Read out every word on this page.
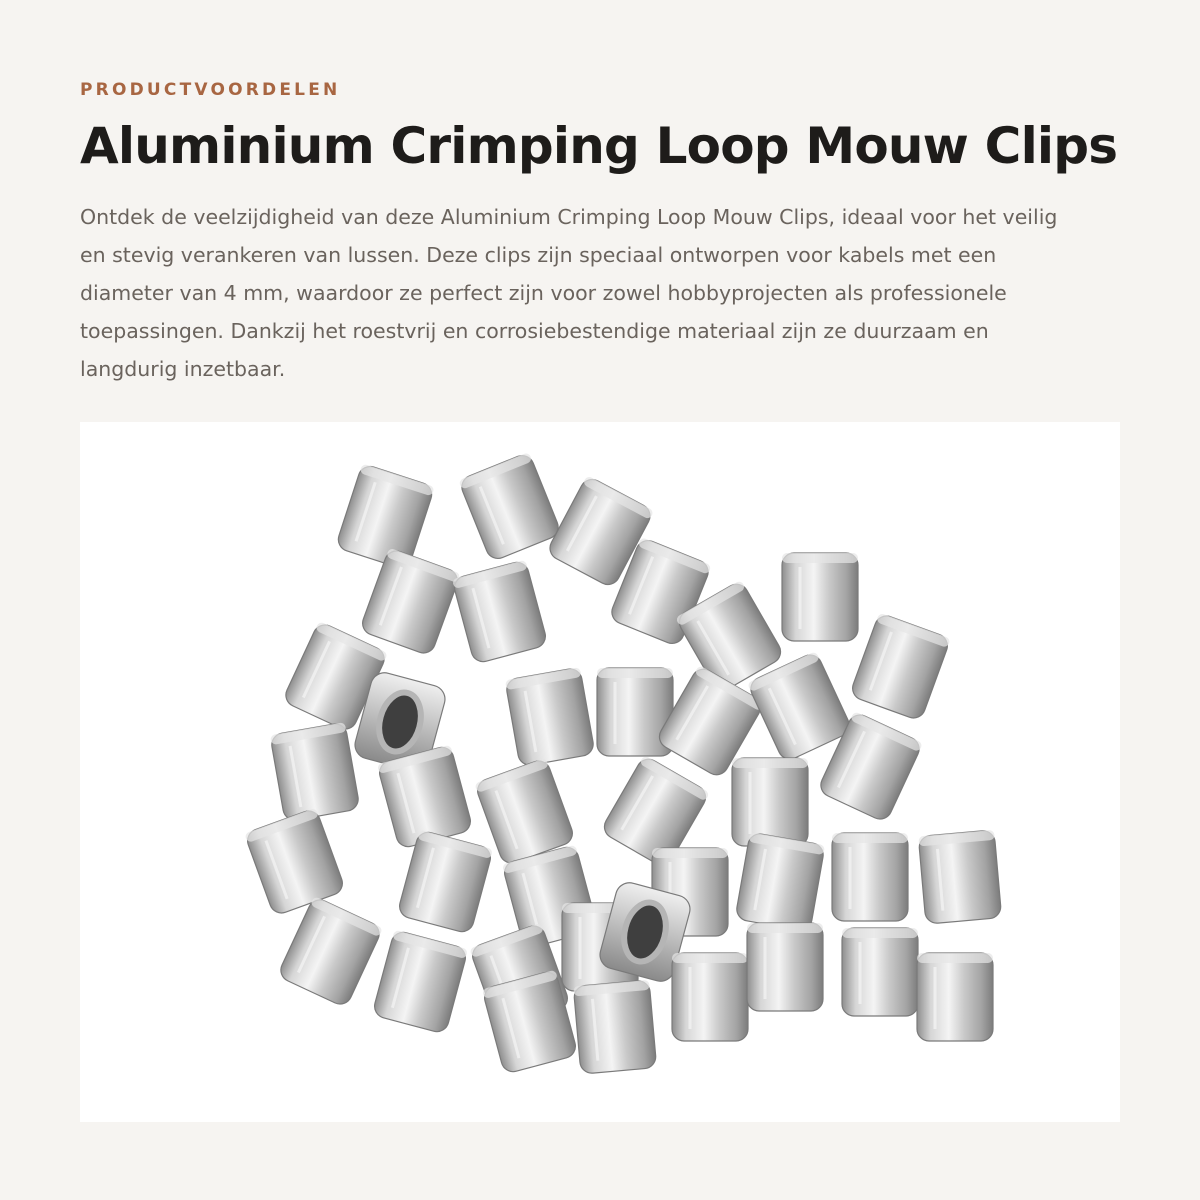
PRODUCTVOORDELEN
Aluminium Crimping Loop Mouw Clips

Ontdek de veelzijdigheid van deze Aluminium Crimping Loop Mouw Clips, ideaal voor het veilig en stevig verankeren van lussen. Deze clips zijn speciaal ontworpen voor kabels met een diameter van 4 mm, waardoor ze perfect zijn voor zowel hobbyprojecten als professionele toepassingen. Dankzij het roestvrij en corrosiebestendige materiaal zijn ze duurzaam en langdurig inzetbaar.
